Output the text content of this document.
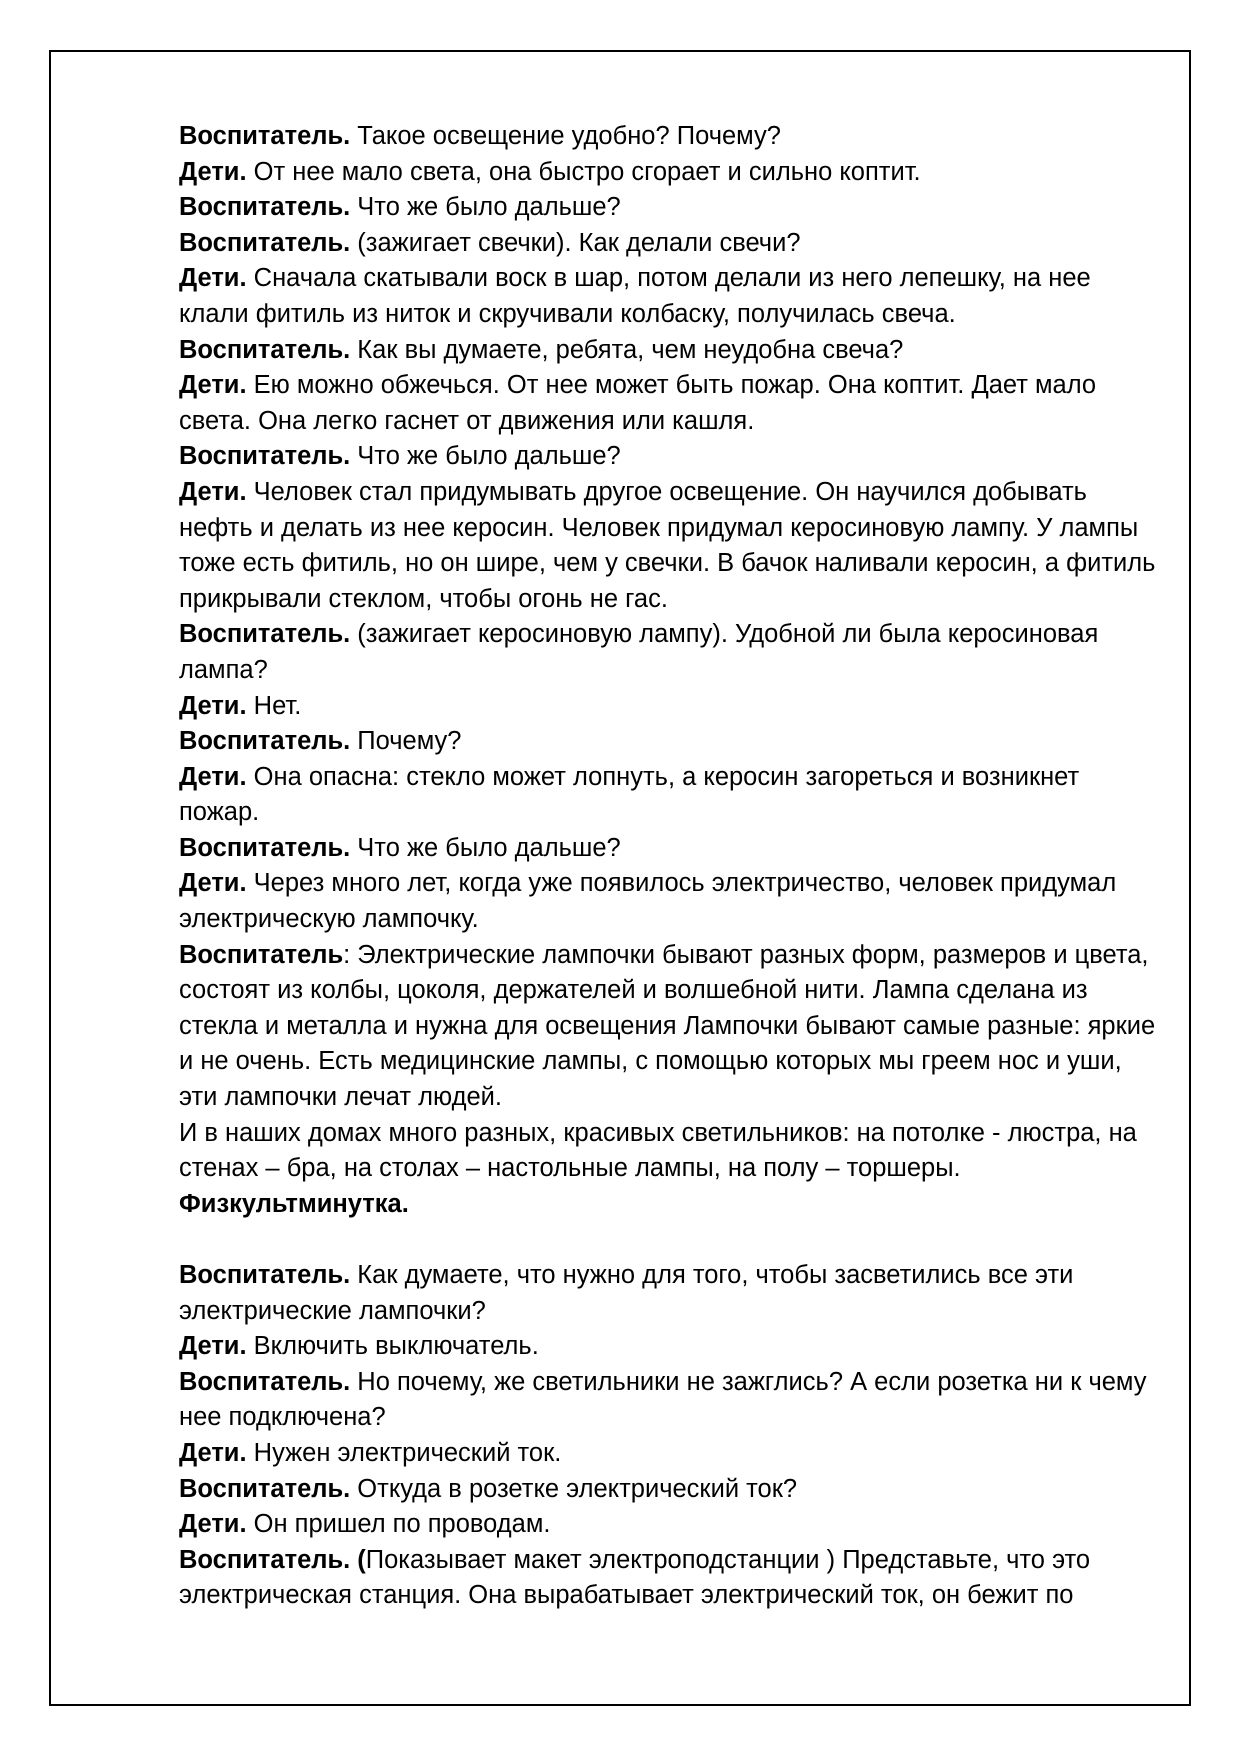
Воспитатель. Такое освещение удобно? Почему?

Дети. От нее мало света, она быстро сгорает и сильно коптит.

Воспитатель. Что же было дальше?

Воспитатель. (зажигает свечки). Как делали свечи?

Дети. Сначала скатывали воск в шар, потом делали из него лепешку, на нее клали фитиль из ниток и скручивали колбаску, получилась свеча.

Воспитатель. Как вы думаете, ребята, чем неудобна свеча?

Дети. Ею можно обжечься. От нее может быть пожар. Она коптит. Дает мало света. Она легко гаснет от движения или кашля.

Воспитатель. Что же было дальше?

Дети. Человек стал придумывать другое освещение. Он научился добывать нефть и делать из нее керосин. Человек придумал керосиновую лампу. У лампы тоже есть фитиль, но он шире, чем у свечки. В бачок наливали керосин, а фитиль прикрывали стеклом, чтобы огонь не гас.

Воспитатель. (зажигает керосиновую лампу). Удобной ли была керосиновая лампа?

Дети. Нет.

Воспитатель. Почему?

Дети. Она опасна: стекло может лопнуть, а керосин загореться и возникнет пожар.

Воспитатель. Что же было дальше?

Дети. Через много лет, когда уже появилось электричество, человек придумал электрическую лампочку.

Воспитатель: Электрические лампочки бывают разных форм, размеров и цвета, состоят из колбы, цоколя, держателей и волшебной нити. Лампа сделана из стекла и металла и нужна для освещения Лампочки бывают самые разные: яркие и не очень. Есть медицинские лампы, с помощью которых мы греем нос и уши, эти лампочки лечат людей.

И в наших домах много разных, красивых светильников: на потолке - люстра, на стенах – бра, на столах – настольные лампы, на полу – торшеры.

Физкультминутка.

Воспитатель. Как думаете, что нужно для того, чтобы засветились все эти электрические лампочки?

Дети. Включить выключатель.

Воспитатель. Но почему, же светильники не зажглись? А если розетка ни к чему нее подключена?

Дети. Нужен электрический ток.

Воспитатель. Откуда в розетке электрический ток?

Дети. Он пришел по проводам.

Воспитатель. (Показывает макет электроподстанции ) Представьте, что это электрическая станция. Она вырабатывает электрический ток, он бежит по
